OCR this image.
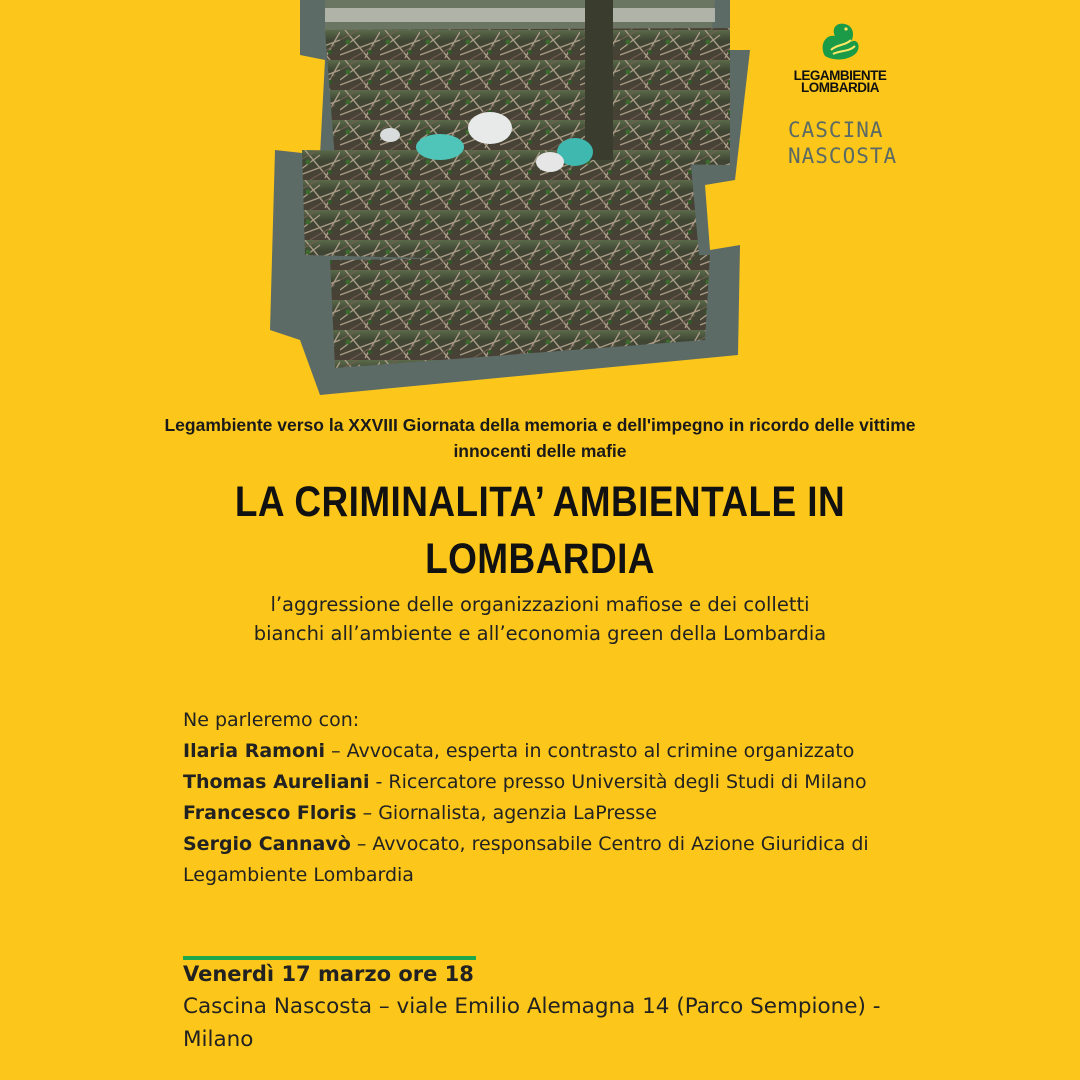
LEGAMBIENTE LOMBARDIA
CASCINA
NASCOSTA
Legambiente verso la XXVIII Giornata della memoria e dell'impegno in ricordo delle vittime innocenti delle mafie
LA CRIMINALITA’ AMBIENTALE IN LOMBARDIA
l’aggressione delle organizzazioni mafiose e dei colletti bianchi all’ambiente e all’economia green della Lombardia

Ne parleremo con:

Ilaria Ramoni – Avvocata, esperta in contrasto al crimine organizzato

Thomas Aureliani - Ricercatore presso Università degli Studi di Milano

Francesco Floris – Giornalista, agenzia LaPresse

Sergio Cannavò – Avvocato, responsabile Centro di Azione Giuridica di Legambiente Lombardia

Venerdì 17 marzo ore 18
Cascina Nascosta – viale Emilio Alemagna 14 (Parco Sempione) - Milano
